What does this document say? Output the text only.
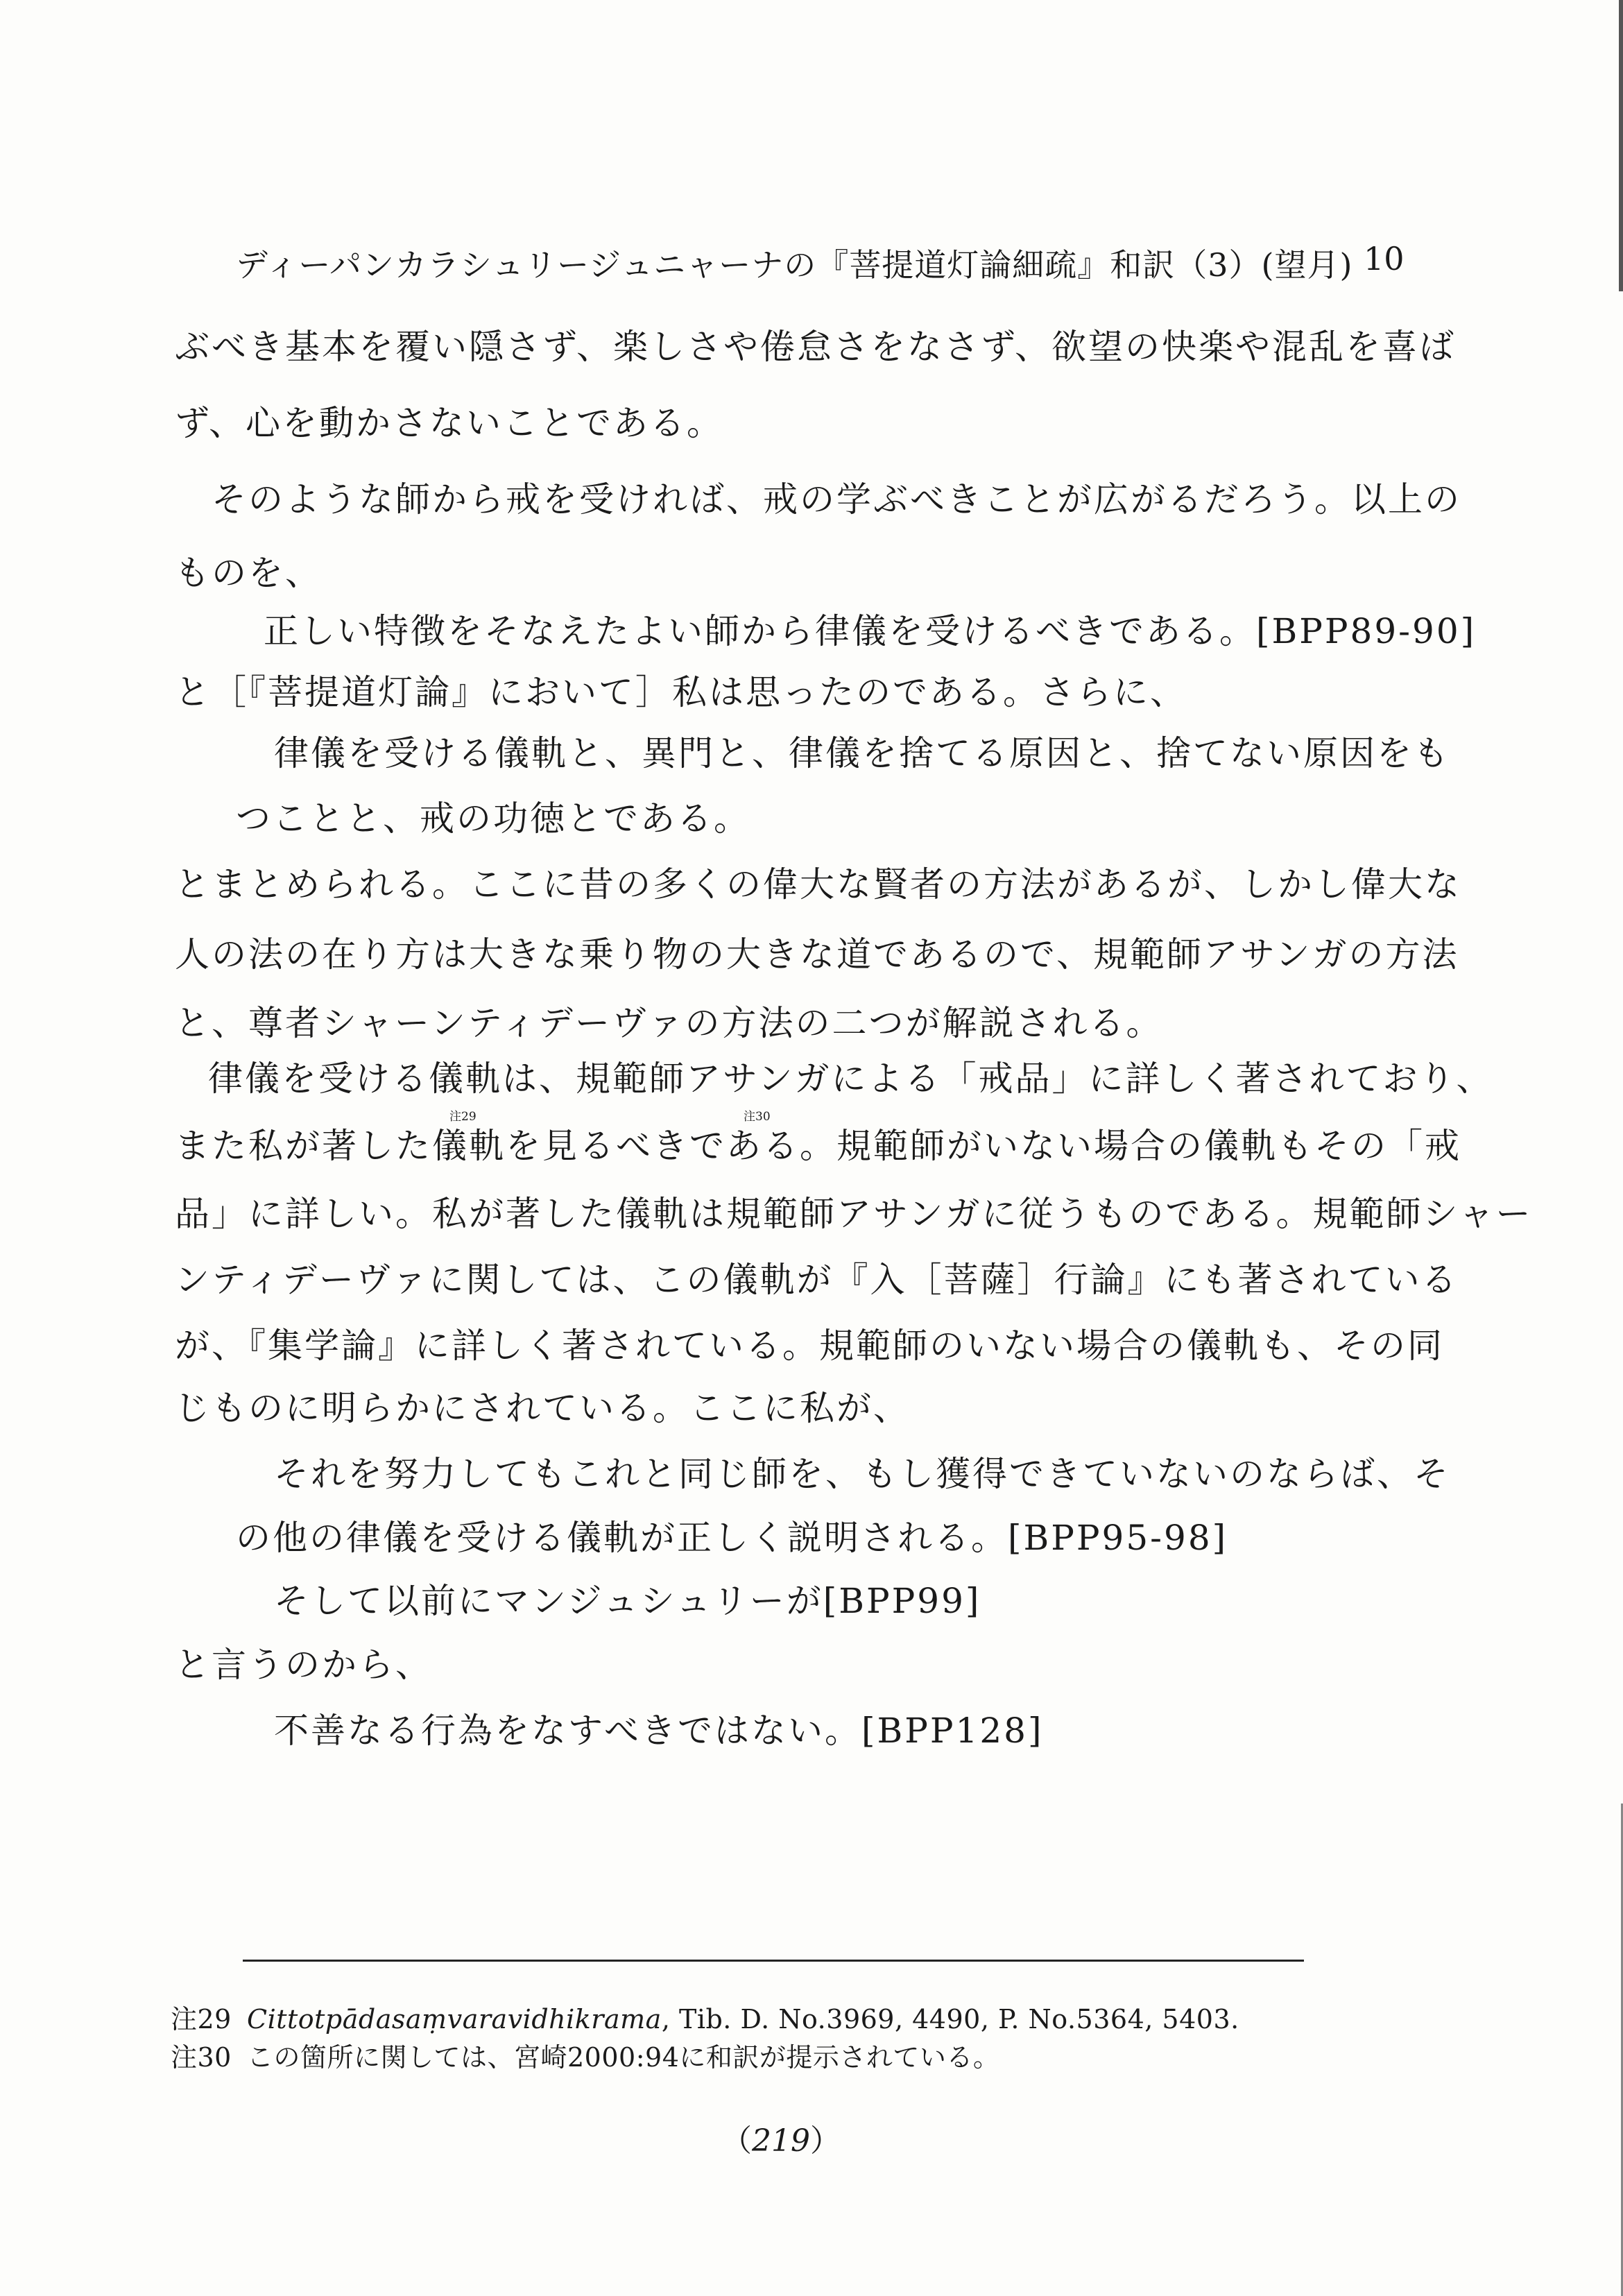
ディーパンカラシュリージュニャーナの『菩提道灯論細疏』和訳（3）(望月) 10
ぶべき基本を覆い隠さず、楽しさや倦怠さをなさず、欲望の快楽や混乱を喜ば
ず、心を動かさないことである。
そのような師から戒を受ければ、戒の学ぶべきことが広がるだろう。以上の
ものを、
正しい特徴をそなえたよい師から律儀を受けるべきである。[BPP89-90]
と［『菩提道灯論』において］私は思ったのである。さらに、
律儀を受ける儀軌と、異門と、律儀を捨てる原因と、捨てない原因をも
つことと、戒の功徳とである。
とまとめられる。ここに昔の多くの偉大な賢者の方法があるが、しかし偉大な
人の法の在り方は大きな乗り物の大きな道であるので、規範師アサンガの方法
と、尊者シャーンティデーヴァの方法の二つが解説される。
律儀を受ける儀軌は、規範師アサンガによる「戒品」に詳しく著されており、
注29	注30
また私が著した儀軌を見るべきである。規範師がいない場合の儀軌もその「戒
品」に詳しい。私が著した儀軌は規範師アサンガに従うものである。規範師シャー
ンティデーヴァに関しては、この儀軌が『入［菩薩］行論』にも著されている
が、『集学論』に詳しく著されている。規範師のいない場合の儀軌も、その同
じものに明らかにされている。ここに私が、
それを努力してもこれと同じ師を、もし獲得できていないのならば、そ
の他の律儀を受ける儀軌が正しく説明される。[BPP95-98]
そして以前にマンジュシュリーが[BPP99]
と言うのから、
不善なる行為をなすべきではない。[BPP128]
注29 Cittotpādasaṃvaravidhikrama, Tib. D. No.3969, 4490, P. No.5364, 5403.
注30 この箇所に関しては、宮崎2000:94に和訳が提示されている。
（219）
